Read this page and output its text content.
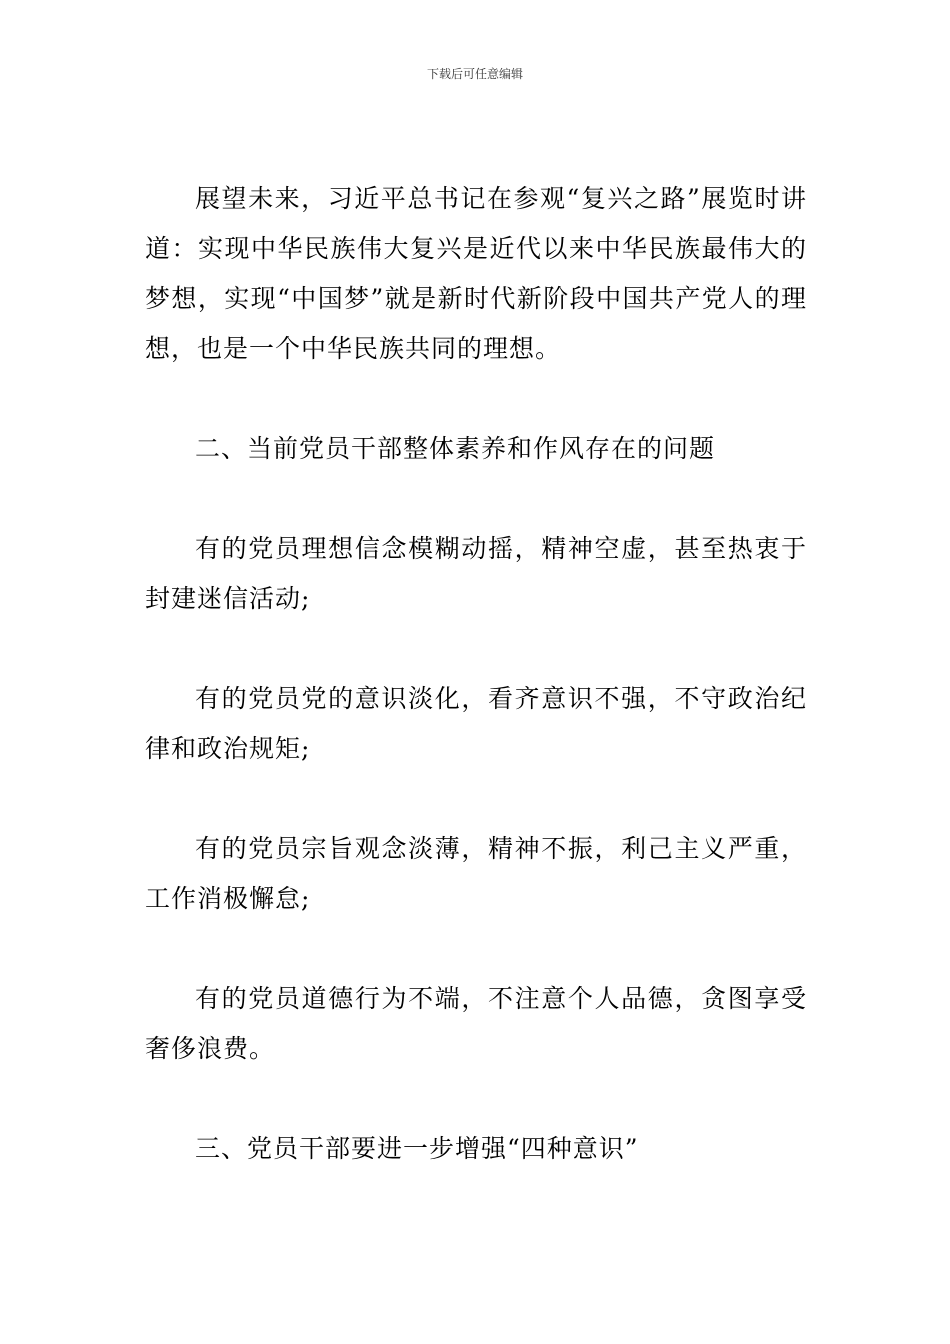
下载后可任意编辑

展望未来，习近平总书记在参观“复兴之路”展览时讲道：实现中华民族伟大复兴是近代以来中华民族最伟大的梦想，实现“中国梦”就是新时代新阶段中国共产党人的理想，也是一个中华民族共同的理想。

二、当前党员干部整体素养和作风存在的问题

有的党员理想信念模糊动摇，精神空虚，甚至热衷于封建迷信活动;

有的党员党的意识淡化，看齐意识不强，不守政治纪律和政治规矩;

有的党员宗旨观念淡薄，精神不振，利己主义严重，工作消极懈怠;

有的党员道德行为不端，不注意个人品德，贪图享受奢侈浪费。

三、党员干部要进一步增强“四种意识”
